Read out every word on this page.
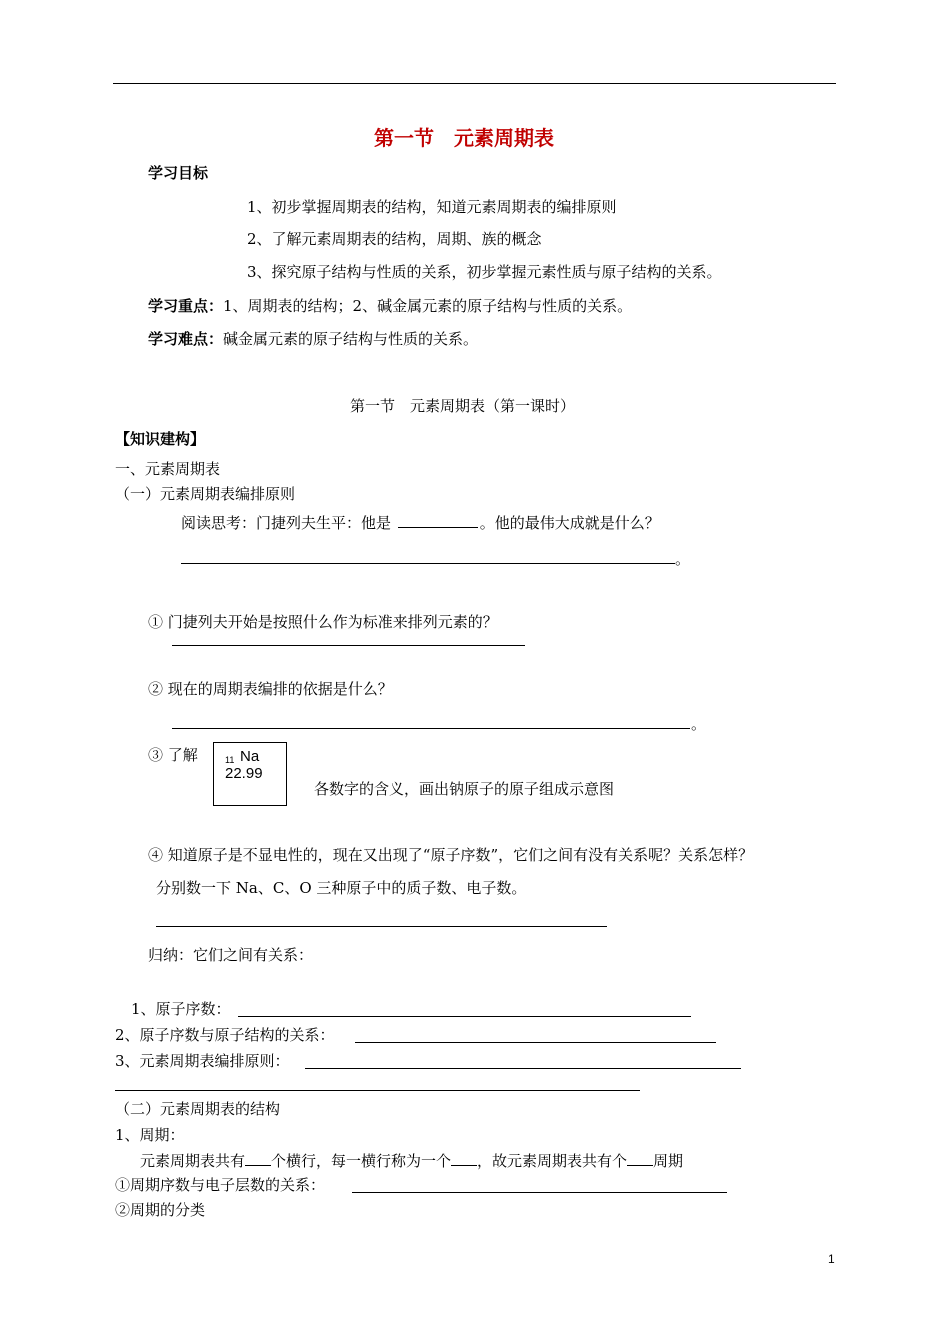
第一节　元素周期表
学习目标
1、初步掌握周期表的结构，知道元素周期表的编排原则
2、了解元素周期表的结构，周期、族的概念
3、探究原子结构与性质的关系，初步掌握元素性质与原子结构的关系。
学习重点：1、周期表的结构；2、碱金属元素的原子结构与性质的关系。
学习难点：碱金属元素的原子结构与性质的关系。
第一节　元素周期表（第一课时）
【知识建构】
一、元素周期表
（一）元素周期表编排原则
阅读思考：门捷列夫生平：他是	。他的最伟大成就是什么？
。
① 门捷列夫开始是按照什么作为标准来排列元素的？
② 现在的周期表编排的依据是什么？
。
③ 了解	11 Na
22.99
各数字的含义，画出钠原子的原子组成示意图
④ 知道原子是不显电性的，现在又出现了“原子序数”，它们之间有没有关系呢？关系怎样？
分别数一下 Na、C、O 三种原子中的质子数、电子数。
归纳：它们之间有关系：
1、原子序数：
2、原子序数与原子结构的关系：
3、元素周期表编排原则：
（二）元素周期表的结构
1、周期：
元素周期表共有 个横行，每一横行称为一个 ，故元素周期表共有个 周期
①周期序数与电子层数的关系：
②周期的分类
1
